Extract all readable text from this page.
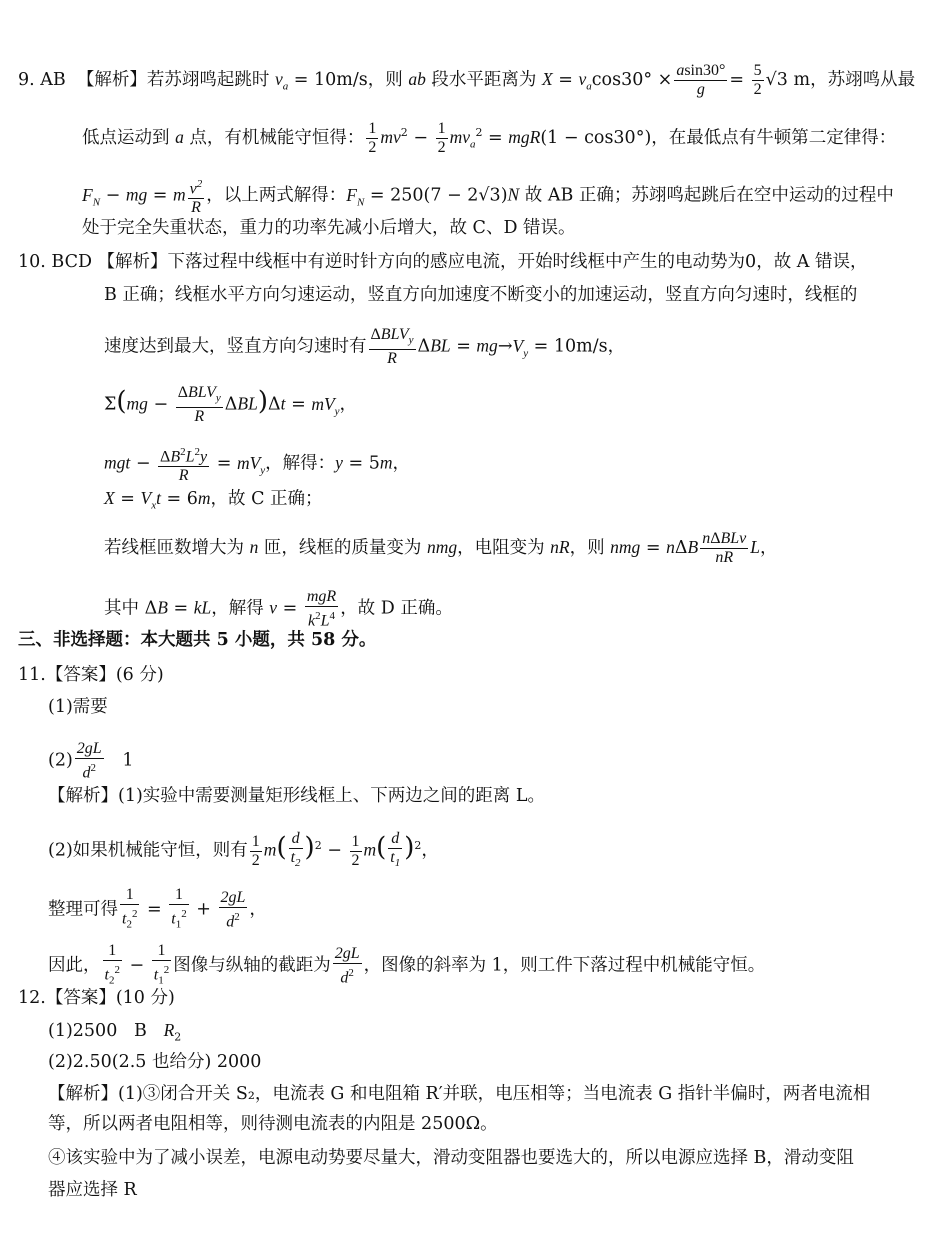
9. AB  【解析】若苏翊鸣起跳时 $v_a = 10m/s$，则 ab 段水平距离为 $X = v_a\cos 30^\circ \times \frac{asin30^\circ}{g} = \frac{5}{2} √3$ m，苏翊鸣从最
低点运动到 a 点，有机械能守恒得： $\frac{1}{2} mv^2 - \frac{1}{2} mv_a^2 = mgR(1 - \cos 30^\circ)$，在最低点有牛顿第二定律得：
$F_N$ − mg = m $\frac{v^2}{R}$ ，以上两式解得：$F_N = 250(7 - 2√3)N$ 故 AB 正确；苏翊鸣起跳后在空中运动的过程中
处于完全失重状态，重力的功率先减小后增大，故 C、D 错误。
10. BCD 【解析】下落过程中线框中有逆时针方向的感应电流，开始时线框中产生的电动势为0，故 A 错误，
B 正确；线框水平方向匀速运动，竖直方向加速度不断变小的加速运动，竖直方向匀速时，线框的
速度达到最大，竖直方向匀速时有 $\frac{\Delta BLV_y}{R}$ $\Delta BL = mg\to V_y = 10m/s$，
$\Sigma(mg - \frac{\Delta BLV_y}{R} \Delta BL)\Delta t = mV_y$，
mgt − $\frac{\Delta B^2L^2y}{R} = mV_y$，解得：y = 5m，
$X = V_xt = 6m$，故 C 正确；
若线框匝数增大为 n 匝，线框的质量变为 nmg，电阻变为 nR，则 nmg = nΔB $\frac{\text{nΔBLv}}{nR}$ L，
其中 ΔB = kL，解得 $v = \frac{\text{mgR}}{k^2L^4}$ ，故 D 正确。
三、非选择题：本大题共 5 小题，共 58 分。
11.【答案】(6 分)
(1)需要
$(2) \frac{2gL}{d^2} 1$
【解析】(1)实验中需要测量矩形线框上、下两边之间的距离 L。
(2)如果机械能守恒，则有 $\frac{1}{2} m( \frac{d}{t_2} )^2 - \frac{1}{2} m( \frac{d}{t_1} )^2$，
整理可得 $\frac{1}{t_2^2} = \frac{1}{t_1^2} + \frac{2gL}{d^2}$ ，
因此， $\frac{1}{t_2^2} - \frac{1}{t_1^2}$ 图像与纵轴的截距为 $\frac{2gL}{d^2}$ ，图像的斜率为 1，则工件下落过程中机械能守恒。
12.【答案】(10 分)
(1)2500   B   $R_2$
(2)2.50(2.5 也给分) 2000
【解析】(1)③闭合开关 S₂，电流表 G 和电阻箱 R′并联，电压相等；当电流表 G 指针半偏时，两者电流相
等，所以两者电阻相等，则待测电流表的内阻是 2500Ω。
④该实验中为了减小误差，电源电动势要尽量大，滑动变阻器也要选大的，所以电源应选择 B，滑动变阻
器应选择 R
